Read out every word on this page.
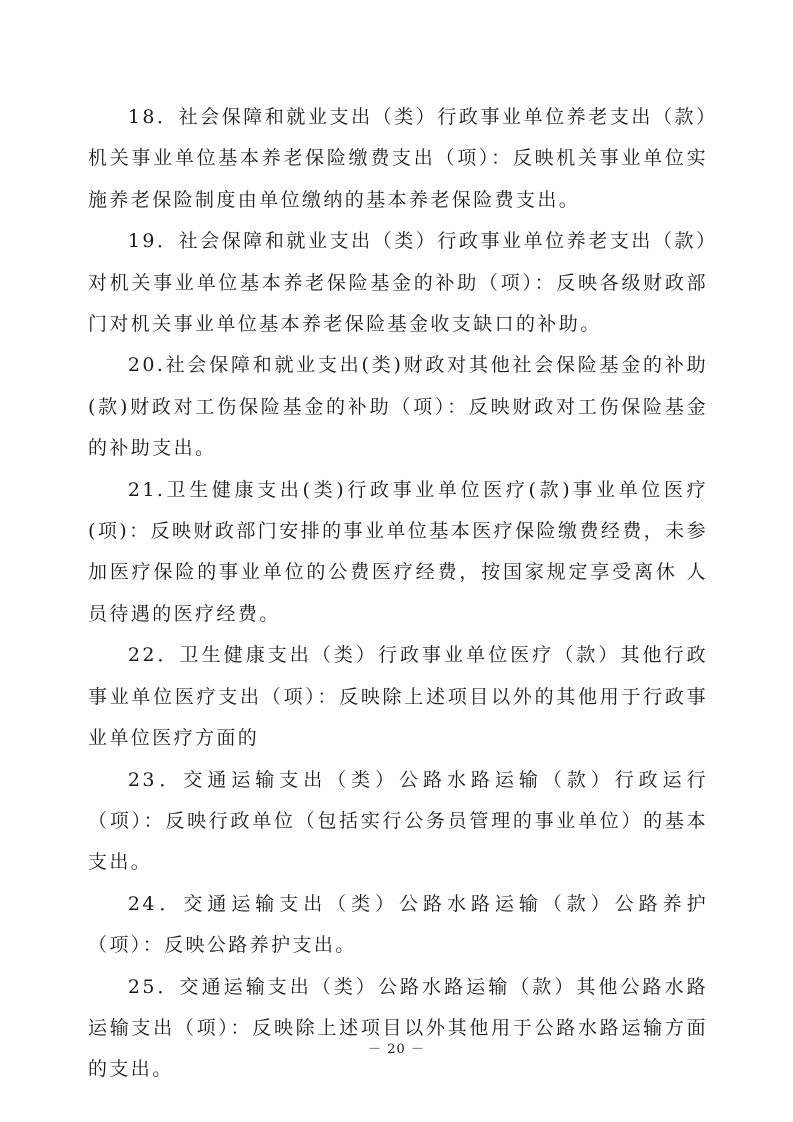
18．社会保障和就业支出（类）行政事业单位养老支出（款）机关事业单位基本养老保险缴费支出（项）：反映机关事业单位实施养老保险制度由单位缴纳的基本养老保险费支出。

19．社会保障和就业支出（类）行政事业单位养老支出（款）对机关事业单位基本养老保险基金的补助（项）：反映各级财政部门对机关事业单位基本养老保险基金收支缺口的补助。

20.社会保障和就业支出(类)财政对其他社会保险基金的补助(款)财政对工伤保险基金的补助（项）：反映财政对工伤保险基金的补助支出。

21.卫生健康支出(类)行政事业单位医疗(款)事业单位医疗(项)：反映财政部门安排的事业单位基本医疗保险缴费经费，未参 加医疗保险的事业单位的公费医疗经费，按国家规定享受离休 人员待遇的医疗经费。

22．卫生健康支出（类）行政事业单位医疗（款）其他行政事业单位医疗支出（项）：反映除上述项目以外的其他用于行政事业单位医疗方面的

23．交通运输支出（类）公路水路运输（款）行政运行（项）：反映行政单位（包括实行公务员管理的事业单位）的基本支出。

24．交通运输支出（类）公路水路运输（款）公路养护（项）：反映公路养护支出。

25．交通运输支出（类）公路水路运输（款）其他公路水路运输支出（项）：反映除上述项目以外其他用于公路水路运输方面的支出。

－ 20 －
